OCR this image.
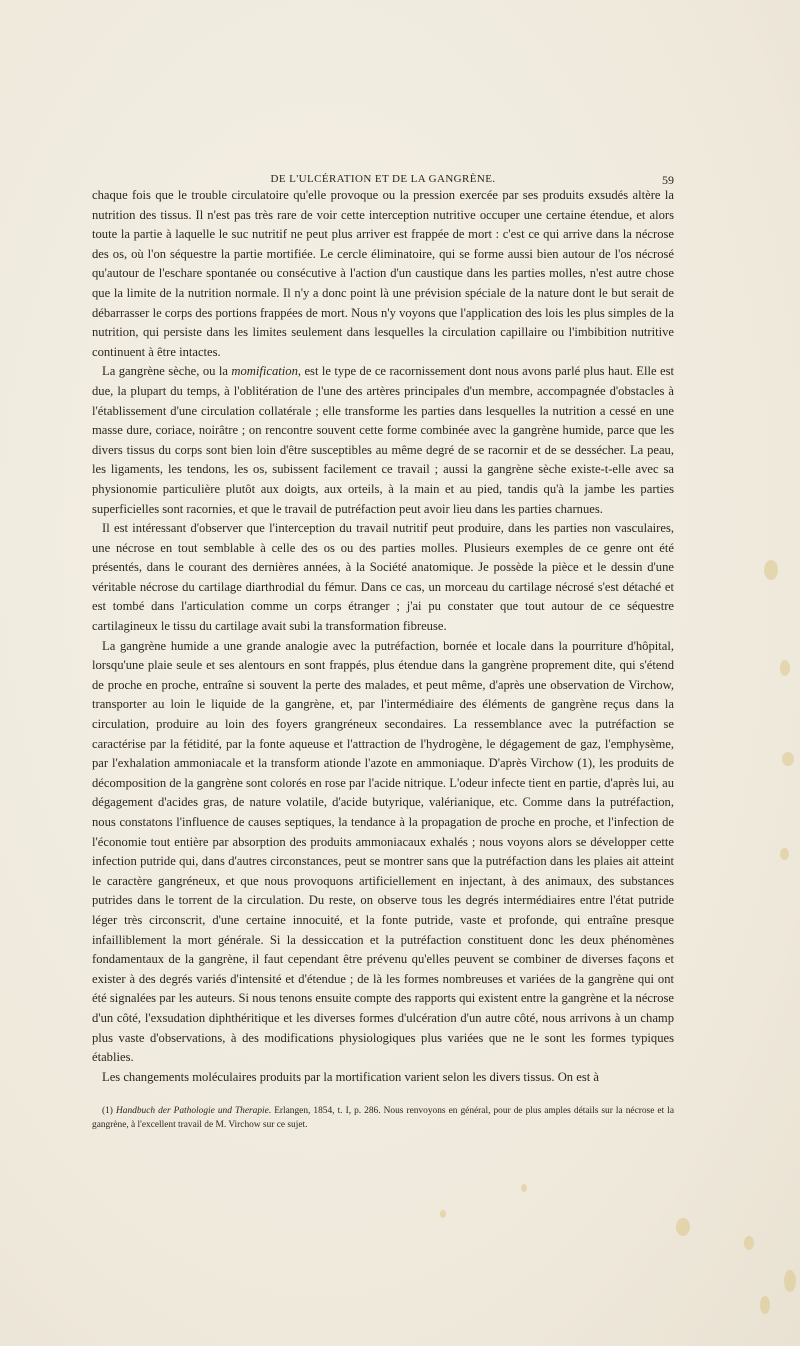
DE L'ULCÉRATION ET DE LA GANGRÈNE.	59

chaque fois que le trouble circulatoire qu'elle provoque ou la pression exercée par ses produits exsudés altère la nutrition des tissus. Il n'est pas très rare de voir cette interception nutritive occuper une certaine étendue, et alors toute la partie à laquelle le suc nutritif ne peut plus arriver est frappée de mort : c'est ce qui arrive dans la nécrose des os, où l'on séquestre la partie mortifiée. Le cercle éliminatoire, qui se forme aussi bien autour de l'os nécrosé qu'autour de l'eschare spontanée ou consécutive à l'action d'un caustique dans les parties molles, n'est autre chose que la limite de la nutrition normale. Il n'y a donc point là une prévision spéciale de la nature dont le but serait de débarrasser le corps des portions frappées de mort. Nous n'y voyons que l'application des lois les plus simples de la nutrition, qui persiste dans les limites seulement dans lesquelles la circulation capillaire ou l'imbibition nutritive continuent à être intactes.

La gangrène sèche, ou la momification, est le type de ce racornissement dont nous avons parlé plus haut. Elle est due, la plupart du temps, à l'oblitération de l'une des artères principales d'un membre, accompagnée d'obstacles à l'établissement d'une circulation collatérale ; elle transforme les parties dans lesquelles la nutrition a cessé en une masse dure, coriace, noirâtre ; on rencontre souvent cette forme combinée avec la gangrène humide, parce que les divers tissus du corps sont bien loin d'être susceptibles au même degré de se racornir et de se dessécher. La peau, les ligaments, les tendons, les os, subissent facilement ce travail ; aussi la gangrène sèche existe-t-elle avec sa physionomie particulière plutôt aux doigts, aux orteils, à la main et au pied, tandis qu'à la jambe les parties superficielles sont racornies, et que le travail de putréfaction peut avoir lieu dans les parties charnues.

Il est intéressant d'observer que l'interception du travail nutritif peut produire, dans les parties non vasculaires, une nécrose en tout semblable à celle des os ou des parties molles. Plusieurs exemples de ce genre ont été présentés, dans le courant des dernières années, à la Société anatomique. Je possède la pièce et le dessin d'une véritable nécrose du cartilage diarthrodial du fémur. Dans ce cas, un morceau du cartilage nécrosé s'est détaché et est tombé dans l'articulation comme un corps étranger ; j'ai pu constater que tout autour de ce séquestre cartilagineux le tissu du cartilage avait subi la transformation fibreuse.

La gangrène humide a une grande analogie avec la putréfaction, bornée et locale dans la pourriture d'hôpital, lorsqu'une plaie seule et ses alentours en sont frappés, plus étendue dans la gangrène proprement dite, qui s'étend de proche en proche, entraîne si souvent la perte des malades, et peut même, d'après une observation de Virchow, transporter au loin le liquide de la gangrène, et, par l'intermédiaire des éléments de gangrène reçus dans la circulation, produire au loin des foyers grangréneux secondaires. La ressemblance avec la putréfaction se caractérise par la fétidité, par la fonte aqueuse et l'attraction de l'hydrogène, le dégagement de gaz, l'emphysème, par l'exhalation ammoniacale et la transform ationde l'azote en ammoniaque. D'après Virchow (1), les produits de décomposition de la gangrène sont colorés en rose par l'acide nitrique. L'odeur infecte tient en partie, d'après lui, au dégagement d'acides gras, de nature volatile, d'acide butyrique, valérianique, etc. Comme dans la putréfaction, nous constatons l'influence de causes septiques, la tendance à la propagation de proche en proche, et l'infection de l'économie tout entière par absorption des produits ammoniacaux exhalés ; nous voyons alors se développer cette infection putride qui, dans d'autres circonstances, peut se montrer sans que la putréfaction dans les plaies ait atteint le caractère gangréneux, et que nous provoquons artificiellement en injectant, à des animaux, des substances putrides dans le torrent de la circulation. Du reste, on observe tous les degrés intermédiaires entre l'état putride léger très circonscrit, d'une certaine innocuité, et la fonte putride, vaste et profonde, qui entraîne presque infailliblement la mort générale. Si la dessiccation et la putréfaction constituent donc les deux phénomènes fondamentaux de la gangrène, il faut cependant être prévenu qu'elles peuvent se combiner de diverses façons et exister à des degrés variés d'intensité et d'étendue ; de là les formes nombreuses et variées de la gangrène qui ont été signalées par les auteurs. Si nous tenons ensuite compte des rapports qui existent entre la gangrène et la nécrose d'un côté, l'exsudation diphthéritique et les diverses formes d'ulcération d'un autre côté, nous arrivons à un champ plus vaste d'observations, à des modifications physiologiques plus variées que ne le sont les formes typiques établies.

Les changements moléculaires produits par la mortification varient selon les divers tissus. On est à

(1) Handbuch der Pathologie und Therapie. Erlangen, 1854, t. I, p. 286. Nous renvoyons en général, pour de plus amples détails sur la nécrose et la gangrène, à l'excellent travail de M. Virchow sur ce sujet.
